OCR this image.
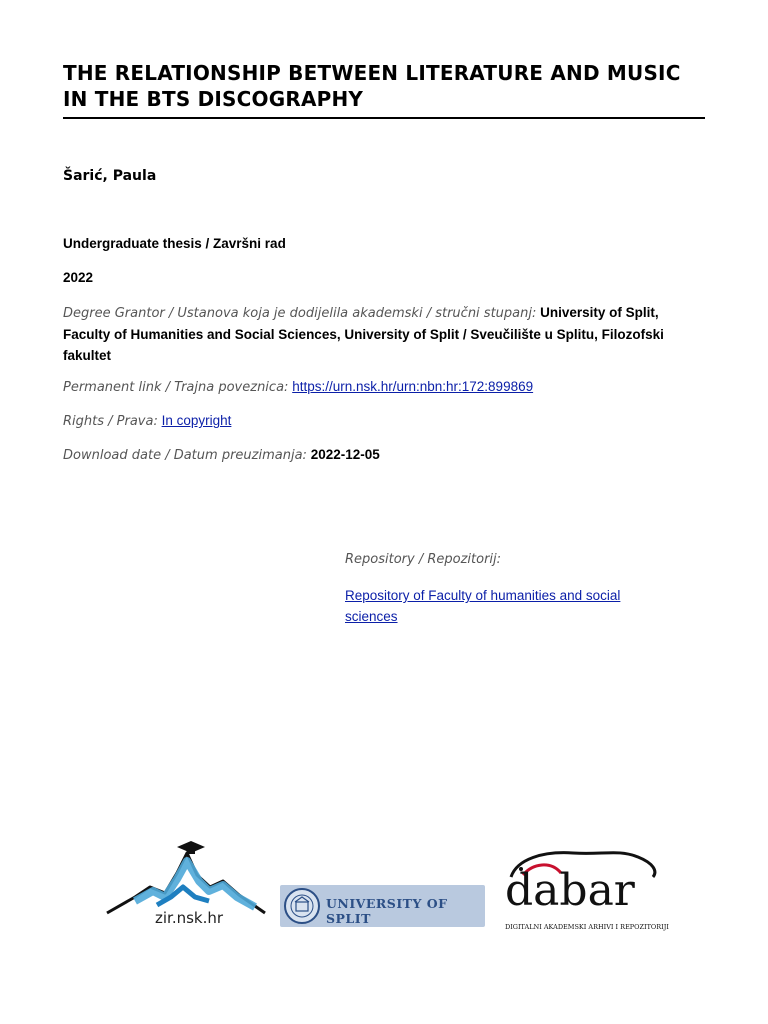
THE RELATIONSHIP BETWEEN LITERATURE AND MUSIC
IN THE BTS DISCOGRAPHY
Šarić, Paula
Undergraduate thesis / Završni rad
2022
Degree Grantor / Ustanova koja je dodijelila akademski / stručni stupanj: University of Split, Faculty of Humanities and Social Sciences, University of Split / Sveučilište u Splitu, Filozofski fakultet
Permanent link / Trajna poveznica: https://urn.nsk.hr/urn:nbn:hr:172:899869
Rights / Prava: In copyright
Download date / Datum preuzimanja: 2022-12-05
Repository / Repozitorij:
Repository of Faculty of humanities and social
sciences
zir.nsk.hr
UNIVERSITY OF SPLIT
dabar
DIGITALNI AKADEMSKI ARHIVI I REPOZITORIJI
